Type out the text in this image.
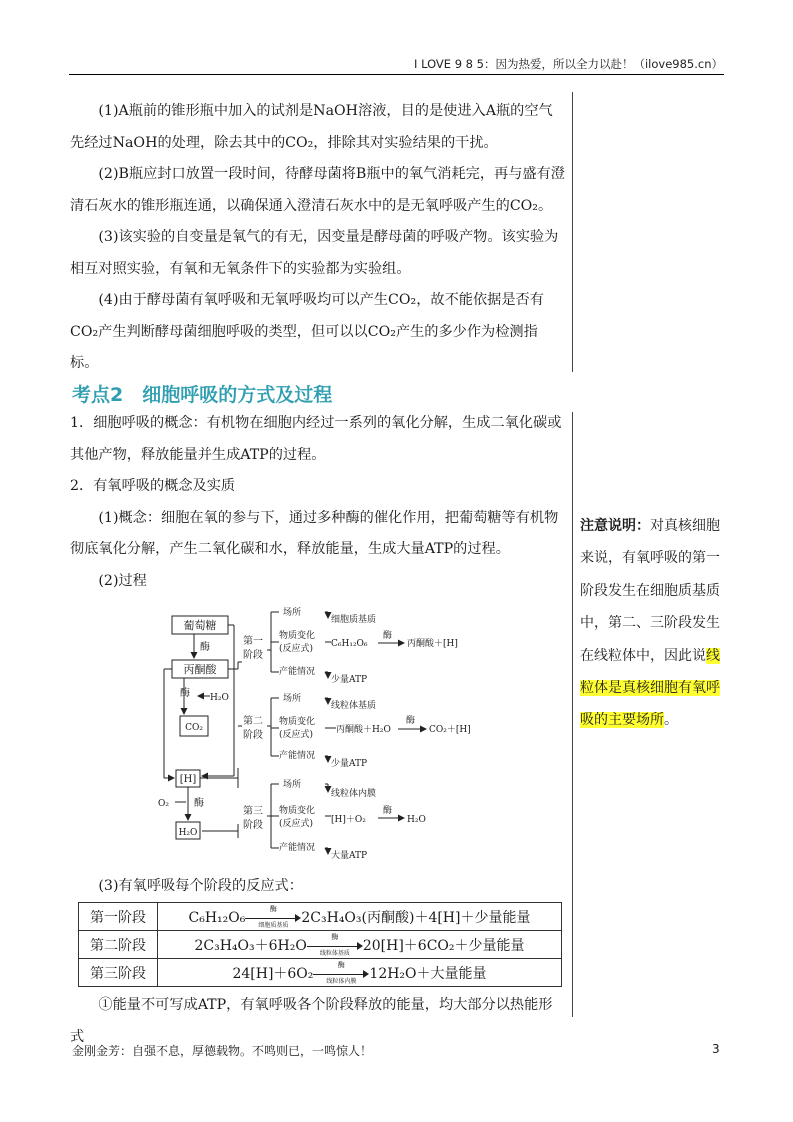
I LOVE 9 8 5：因为热爱，所以全力以赴！（ilove985.cn）

(1)A瓶前的锥形瓶中加入的试剂是NaOH溶液，目的是使进入A瓶的空气先经过NaOH的处理，除去其中的CO₂，排除其对实验结果的干扰。

(2)B瓶应封口放置一段时间，待酵母菌将B瓶中的氧气消耗完，再与盛有澄清石灰水的锥形瓶连通，以确保通入澄清石灰水中的是无氧呼吸产生的CO₂。

(3)该实验的自变量是氧气的有无，因变量是酵母菌的呼吸产物。该实验为相互对照实验，有氧和无氧条件下的实验都为实验组。

(4)由于酵母菌有氧呼吸和无氧呼吸均可以产生CO₂，故不能依据是否有CO₂产生判断酵母菌细胞呼吸的类型，但可以以CO₂产生的多少作为检测指标。

考点2　细胞呼吸的方式及过程

1．细胞呼吸的概念：有机物在细胞内经过一系列的氧化分解，生成二氧化碳或其他产物，释放能量并生成ATP的过程。

2．有氧呼吸的概念及实质

(1)概念：细胞在氧的参与下，通过多种酶的催化作用，把葡萄糖等有机物彻底氧化分解，产生二氧化碳和水，释放能量，生成大量ATP的过程。

(2)过程

葡萄糖
酶
丙酮酸
酶 H₂O
CO₂
[H]
O₂	酶
H₂O
第一
阶段
第二
阶段
第三
阶段
场所
物质变化
(反应式)
产能情况
细胞质基质
C₆H₁₂O₆
酶
丙酮酸＋[H]
少量ATP
场所
物质变化
(反应式)
产能情况
线粒体基质
丙酮酸＋H₂O
酶
CO₂＋[H]
少量ATP
场所
物质变化
(反应式)
产能情况
线粒体内膜
[H]＋O₂
酶
H₂O
大量ATP

(3)有氧呼吸每个阶段的反应式：

第一阶段	C₆H₁₂O₆
酶
细胞质基质 2C₃H₄O₃(丙酮酸)＋4[H]＋少量能量
第二阶段	2C₃H₄O₃＋6H₂O
酶
线粒体基质 20[H]＋6CO₂＋少量能量
第三阶段	24[H]＋6O₂
酶
线粒体内膜 12H₂O＋大量能量

①能量不可写成ATP，有氧呼吸各个阶段释放的能量，均大部分以热能形式

注意说明：对真核细胞来说，有氧呼吸的第一阶段发生在细胞质基质中，第二、三阶段发生在线粒体中，因此说线粒体是真核细胞有氧呼吸的主要场所。
金刚金芳：自强不息，厚德载物。不鸣则已，一鸣惊人！	3
